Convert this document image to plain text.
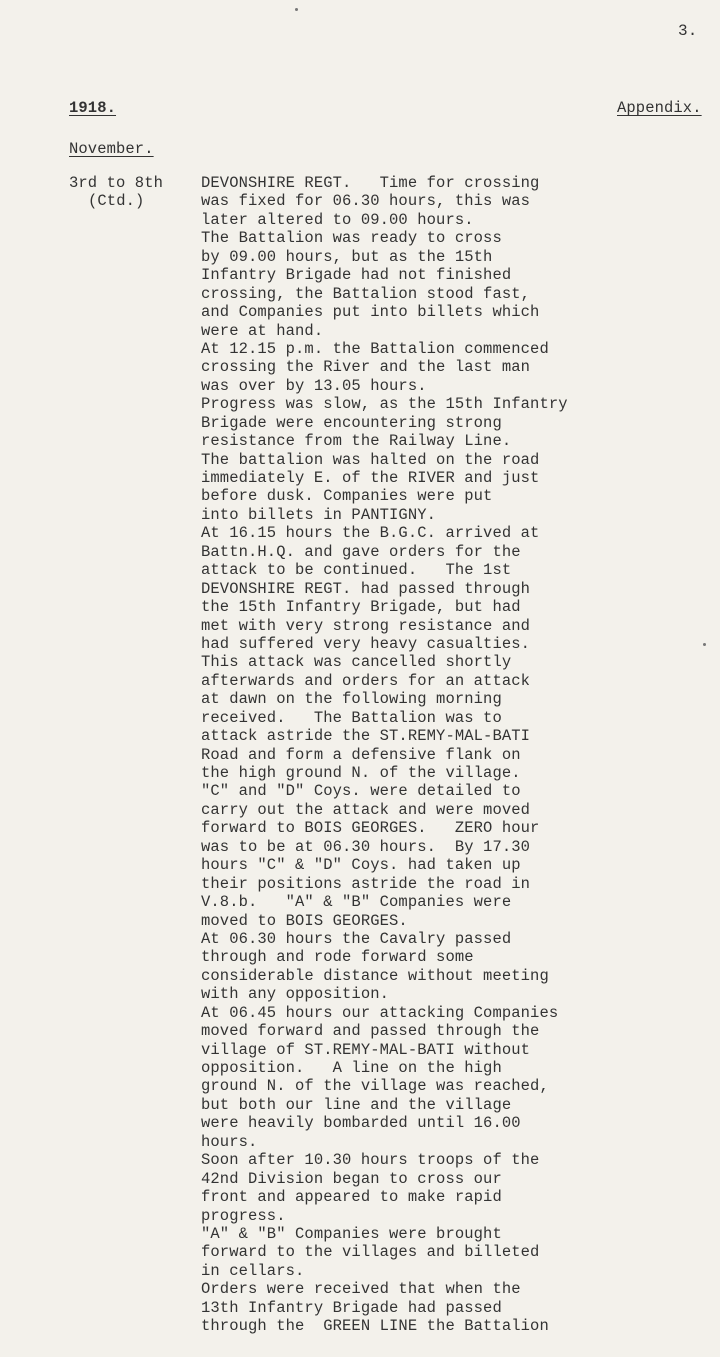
3.
1918.	Appendix.
November.
3rd to 8th
(Ctd.)
DEVONSHIRE REGT.   Time for crossing
was fixed for 06.30 hours, this was
later altered to 09.00 hours.
The Battalion was ready to cross
by 09.00 hours, but as the 15th
Infantry Brigade had not finished
crossing, the Battalion stood fast,
and Companies put into billets which
were at hand.
At 12.15 p.m. the Battalion commenced
crossing the River and the last man
was over by 13.05 hours.
Progress was slow, as the 15th Infantry
Brigade were encountering strong
resistance from the Railway Line.
The battalion was halted on the road
immediately E. of the RIVER and just
before dusk. Companies were put
into billets in PANTIGNY.
At 16.15 hours the B.G.C. arrived at
Battn.H.Q. and gave orders for the
attack to be continued.   The 1st
DEVONSHIRE REGT. had passed through
the 15th Infantry Brigade, but had
met with very strong resistance and
had suffered very heavy casualties.
This attack was cancelled shortly
afterwards and orders for an attack
at dawn on the following morning
received.   The Battalion was to
attack astride the ST.REMY-MAL-BATI
Road and form a defensive flank on
the high ground N. of the village.
"C" and "D" Coys. were detailed to
carry out the attack and were moved
forward to BOIS GEORGES.   ZERO hour
was to be at 06.30 hours.  By 17.30
hours "C" & "D" Coys. had taken up
their positions astride the road in
V.8.b.   "A" & "B" Companies were
moved to BOIS GEORGES.
At 06.30 hours the Cavalry passed
through and rode forward some
considerable distance without meeting
with any opposition.
At 06.45 hours our attacking Companies
moved forward and passed through the
village of ST.REMY-MAL-BATI without
opposition.   A line on the high
ground N. of the village was reached,
but both our line and the village
were heavily bombarded until 16.00
hours.
Soon after 10.30 hours troops of the
42nd Division began to cross our
front and appeared to make rapid
progress.
"A" & "B" Companies were brought
forward to the villages and billeted
in cellars.
Orders were received that when the
13th Infantry Brigade had passed
through the  GREEN LINE the Battalion
